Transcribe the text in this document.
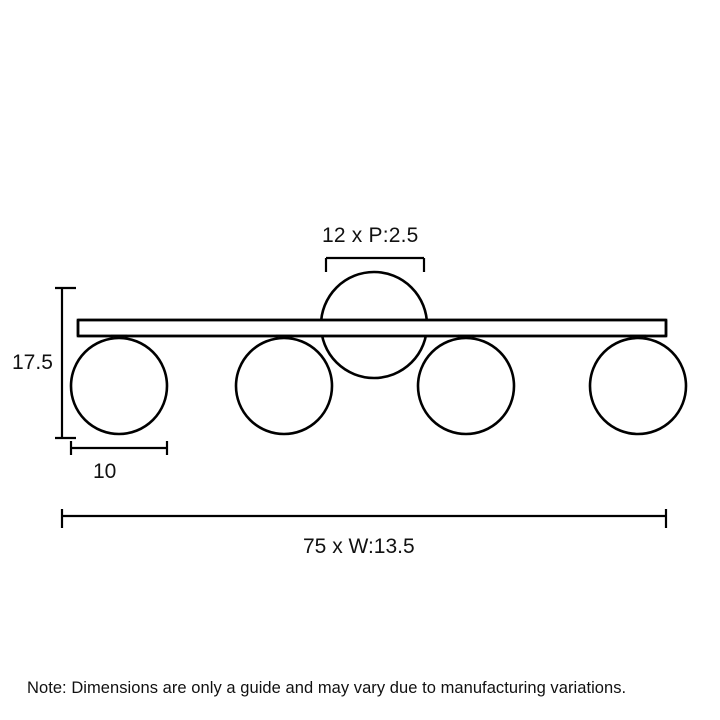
12 x P:2.5
17.5
10
75 x W:13.5
Note: Dimensions are only a guide and may vary due to manufacturing variations.
